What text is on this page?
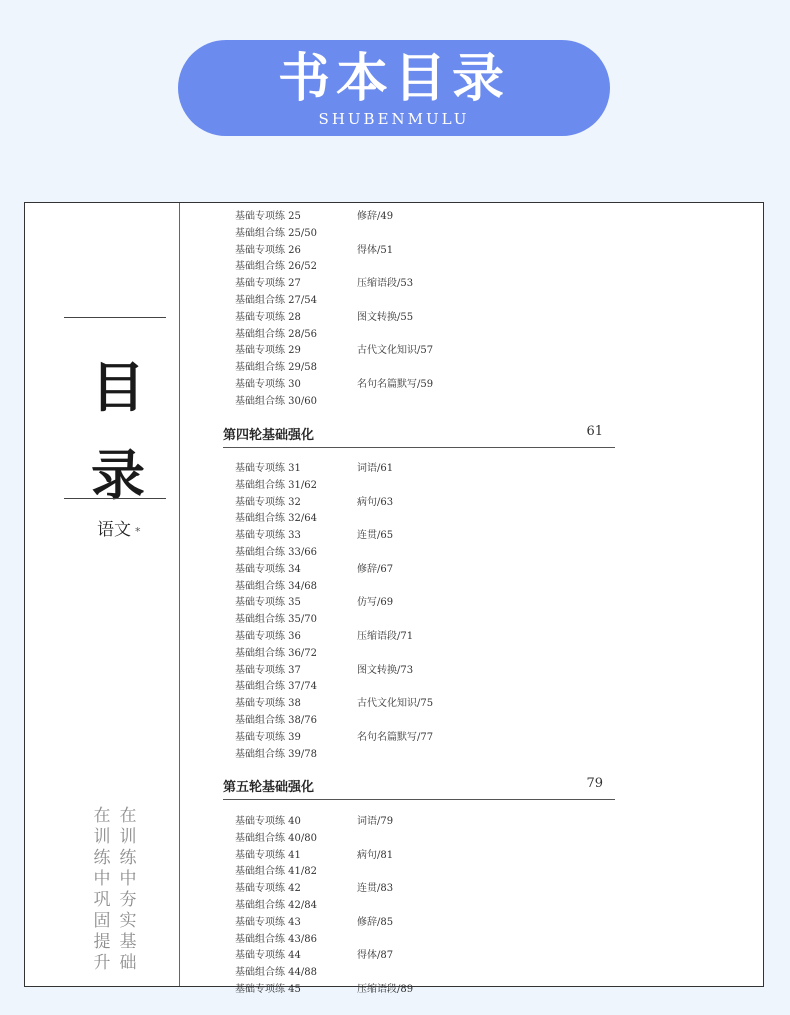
书本目录
SHUBENMULU
目
录
语文 *
在
训
练
中
巩
固
提
升
在
训
练
中
夯
实
基
础
第四轮基础强化	61
第五轮基础强化	79
基础专项练 25	修辞/49
基础组合练 25/50
基础专项练 26	得体/51
基础组合练 26/52
基础专项练 27	压缩语段/53
基础组合练 27/54
基础专项练 28	图文转换/55
基础组合练 28/56
基础专项练 29	古代文化知识/57
基础组合练 29/58
基础专项练 30	名句名篇默写/59
基础组合练 30/60
基础专项练 31	词语/61
基础组合练 31/62
基础专项练 32	病句/63
基础组合练 32/64
基础专项练 33	连贯/65
基础组合练 33/66
基础专项练 34	修辞/67
基础组合练 34/68
基础专项练 35	仿写/69
基础组合练 35/70
基础专项练 36	压缩语段/71
基础组合练 36/72
基础专项练 37	图文转换/73
基础组合练 37/74
基础专项练 38	古代文化知识/75
基础组合练 38/76
基础专项练 39	名句名篇默写/77
基础组合练 39/78
基础专项练 40	词语/79
基础组合练 40/80
基础专项练 41	病句/81
基础组合练 41/82
基础专项练 42	连贯/83
基础组合练 42/84
基础专项练 43	修辞/85
基础组合练 43/86
基础专项练 44	得体/87
基础组合练 44/88
基础专项练 45	压缩语段/89
